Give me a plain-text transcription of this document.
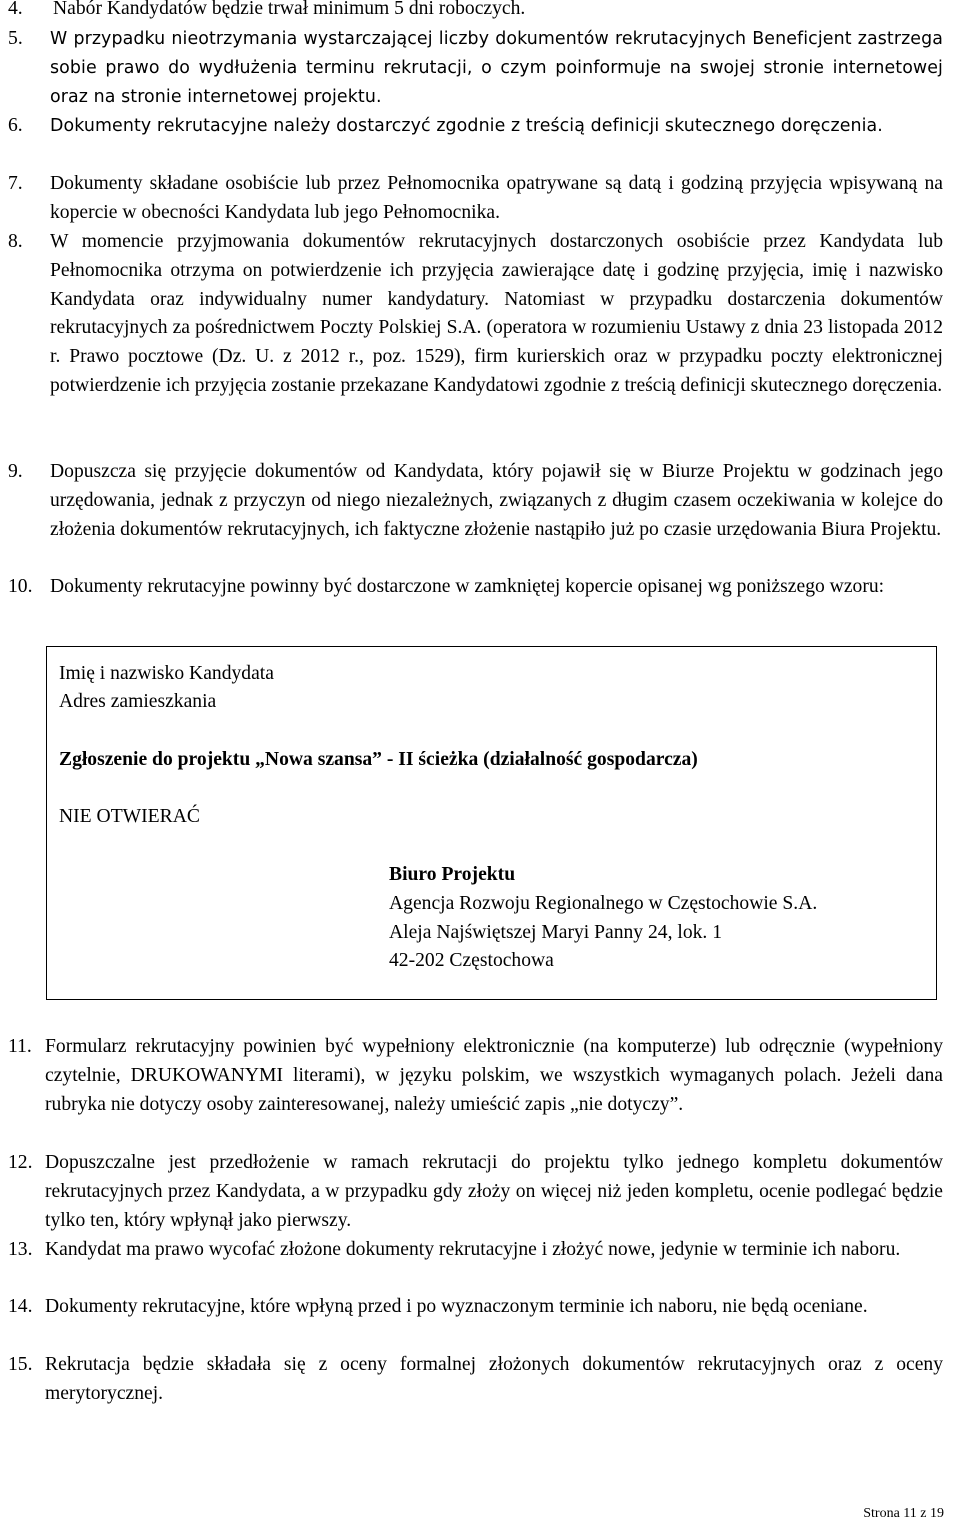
4. Nabór Kandydatów będzie trwał minimum 5 dni roboczych.
5. W przypadku nieotrzymania wystarczającej liczby dokumentów rekrutacyjnych Beneficjent zastrzega sobie prawo do wydłużenia terminu rekrutacji, o czym poinformuje na swojej stronie internetowej oraz na stronie internetowej projektu.
6. Dokumenty rekrutacyjne należy dostarczyć zgodnie z treścią definicji skutecznego doręczenia.
7. Dokumenty składane osobiście lub przez Pełnomocnika opatrywane są datą i godziną przyjęcia wpisywaną na kopercie w obecności Kandydata lub jego Pełnomocnika.
8. W momencie przyjmowania dokumentów rekrutacyjnych dostarczonych osobiście przez Kandydata lub Pełnomocnika otrzyma on potwierdzenie ich przyjęcia zawierające datę i godzinę przyjęcia, imię i nazwisko Kandydata oraz indywidualny numer kandydatury. Natomiast w przypadku dostarczenia dokumentów rekrutacyjnych za pośrednictwem Poczty Polskiej S.A. (operatora w rozumieniu Ustawy z dnia 23 listopada 2012 r. Prawo pocztowe (Dz. U. z 2012 r., poz. 1529), firm kurierskich oraz w przypadku poczty elektronicznej potwierdzenie ich przyjęcia zostanie przekazane Kandydatowi zgodnie z treścią definicji skutecznego doręczenia.
9. Dopuszcza się przyjęcie dokumentów od Kandydata, który pojawił się w Biurze Projektu w godzinach jego urzędowania, jednak z przyczyn od niego niezależnych, związanych z długim czasem oczekiwania w kolejce do złożenia dokumentów rekrutacyjnych, ich faktyczne złożenie nastąpiło już po czasie urzędowania Biura Projektu.
10. Dokumenty rekrutacyjne powinny być dostarczone w zamkniętej kopercie opisanej wg poniższego wzoru:
Imię i nazwisko Kandydata
Adres zamieszkania
Zgłoszenie do projektu „Nowa szansa” - II ścieżka (działalność gospodarcza)
NIE OTWIERAĆ
Biuro Projektu
Agencja Rozwoju Regionalnego w Częstochowie S.A.
Aleja Najświętszej Maryi Panny 24, lok. 1
42-202 Częstochowa
11. Formularz rekrutacyjny powinien być wypełniony elektronicznie (na komputerze) lub odręcznie (wypełniony czytelnie, DRUKOWANYMI literami), w języku polskim, we wszystkich wymaganych polach. Jeżeli dana rubryka nie dotyczy osoby zainteresowanej, należy umieścić zapis „nie dotyczy”.
12. Dopuszczalne jest przedłożenie w ramach rekrutacji do projektu tylko jednego kompletu dokumentów rekrutacyjnych przez Kandydata, a w przypadku gdy złoży on więcej niż jeden kompletu, ocenie podlegać będzie tylko ten, który wpłynął jako pierwszy.
13. Kandydat ma prawo wycofać złożone dokumenty rekrutacyjne i złożyć nowe, jedynie w terminie ich naboru.
14. Dokumenty rekrutacyjne, które wpłyną przed i po wyznaczonym terminie ich naboru, nie będą oceniane.
15. Rekrutacja będzie składała się z oceny formalnej złożonych dokumentów rekrutacyjnych oraz z oceny merytorycznej.
Strona 11 z 19
